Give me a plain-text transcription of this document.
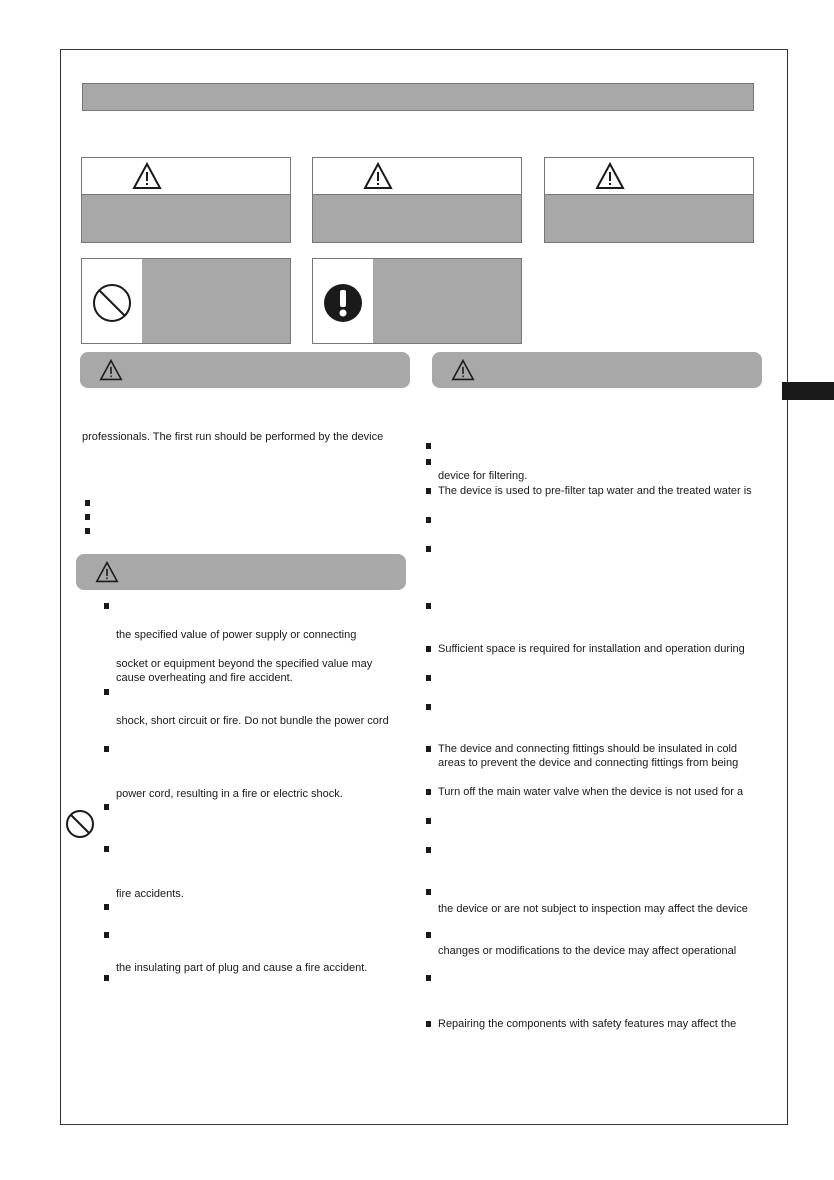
professionals. The first run should be performed by the device
the specified value of power supply or connecting
socket or equipment beyond the specified value may
cause overheating and fire accident.
shock, short circuit or fire. Do not bundle the power cord
power cord, resulting in a fire or electric shock.
fire accidents.
the insulating part of plug and cause a fire accident.
device for filtering.
The device is used to pre-filter tap water and the treated water is
Sufficient space is required for installation and operation during
The device and connecting fittings should be insulated in cold
areas to prevent the device and connecting fittings from being
Turn off the main water valve when the device is not used for a
the device or are not subject to inspection may affect the device
changes or modifications to the device may affect operational
Repairing the components with safety features may affect the
